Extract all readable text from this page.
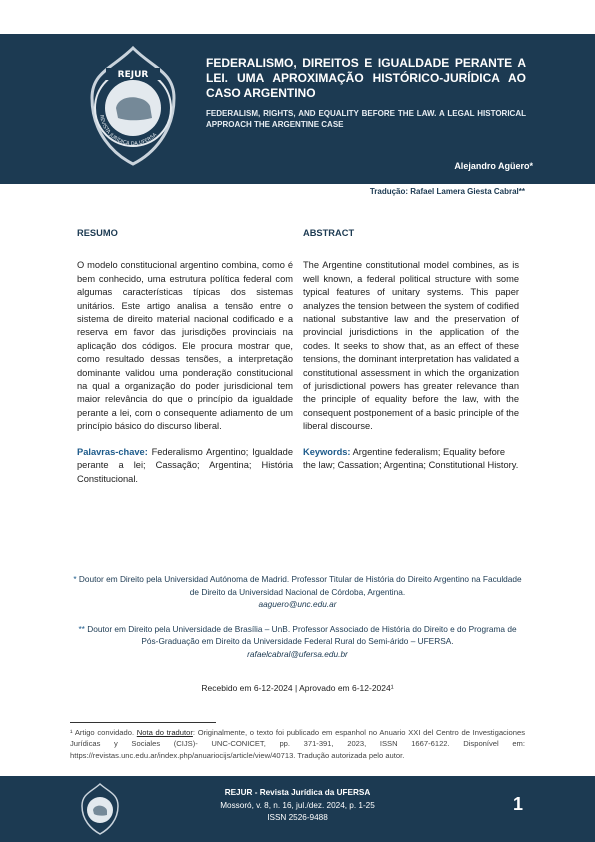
REJUR
REVISTA JURÍDICA DA UFERSA
FEDERALISMO, DIREITOS E IGUALDADE PERANTE A LEI. UMA APROXIMAÇÃO HISTÓRICO-JURÍDICA AO CASO ARGENTINO

FEDERALISM, RIGHTS, AND EQUALITY BEFORE THE LAW. A LEGAL HISTORICAL APPROACH THE ARGENTINE CASE

Alejandro Agüero*
Tradução: Rafael Lamera Giesta Cabral**
RESUMO

O modelo constitucional argentino combina, como é bem conhecido, uma estrutura política federal com algumas características típicas dos sistemas unitários. Este artigo analisa a tensão entre o sistema de direito material nacional codificado e a reserva em favor das jurisdições provinciais na aplicação dos códigos. Ele procura mostrar que, como resultado dessas tensões, a interpretação dominante validou uma ponderação constitucional na qual a organização do poder jurisdicional tem maior relevância do que o princípio da igualdade perante a lei, com o consequente adiamento de um princípio básico do discurso liberal.

Palavras-chave: Federalismo Argentino; Igualdade perante a lei; Cassação; Argentina; História Constitucional.

ABSTRACT

The Argentine constitutional model combines, as is well known, a federal political structure with some typical features of unitary systems. This paper analyzes the tension between the system of codified national substantive law and the preservation of provincial jurisdictions in the application of the codes. It seeks to show that, as an effect of these tensions, the dominant interpretation has validated a constitutional assessment in which the organization of jurisdictional powers has greater relevance than the principle of equality before the law, with the consequent postponement of a basic principle of the liberal discourse.

Keywords: Argentine federalism; Equality before the law; Cassation; Argentina; Constitutional History.

* Doutor em Direito pela Universidad Autónoma de Madrid. Professor Titular de História do Direito Argentino na Faculdade de Direito da Universidad Nacional de Córdoba, Argentina.
aaguero@unc.edu.ar

** Doutor em Direito pela Universidade de Brasília – UnB. Professor Associado de História do Direito e do Programa de Pós-Graduação em Direito da Universidade Federal Rural do Semi-árido – UFERSA.
rafaelcabral@ufersa.edu.br

Recebido em 6-12-2024 | Aprovado em 6-12-2024¹

¹ Artigo convidado. Nota do tradutor: Originalmente, o texto foi publicado em espanhol no Anuario XXI del Centro de Investigaciones Jurídicas y Sociales (CIJS)- UNC-CONICET, pp. 371-391, 2023, ISSN 1667-6122. Disponível em: https://revistas.unc.edu.ar/index.php/anuariocijs/article/view/40713. Tradução autorizada pelo autor.

REJUR - Revista Jurídica da UFERSA
Mossoró, v. 8, n. 16, jul./dez. 2024, p. 1-25
ISSN 2526-9488
1
